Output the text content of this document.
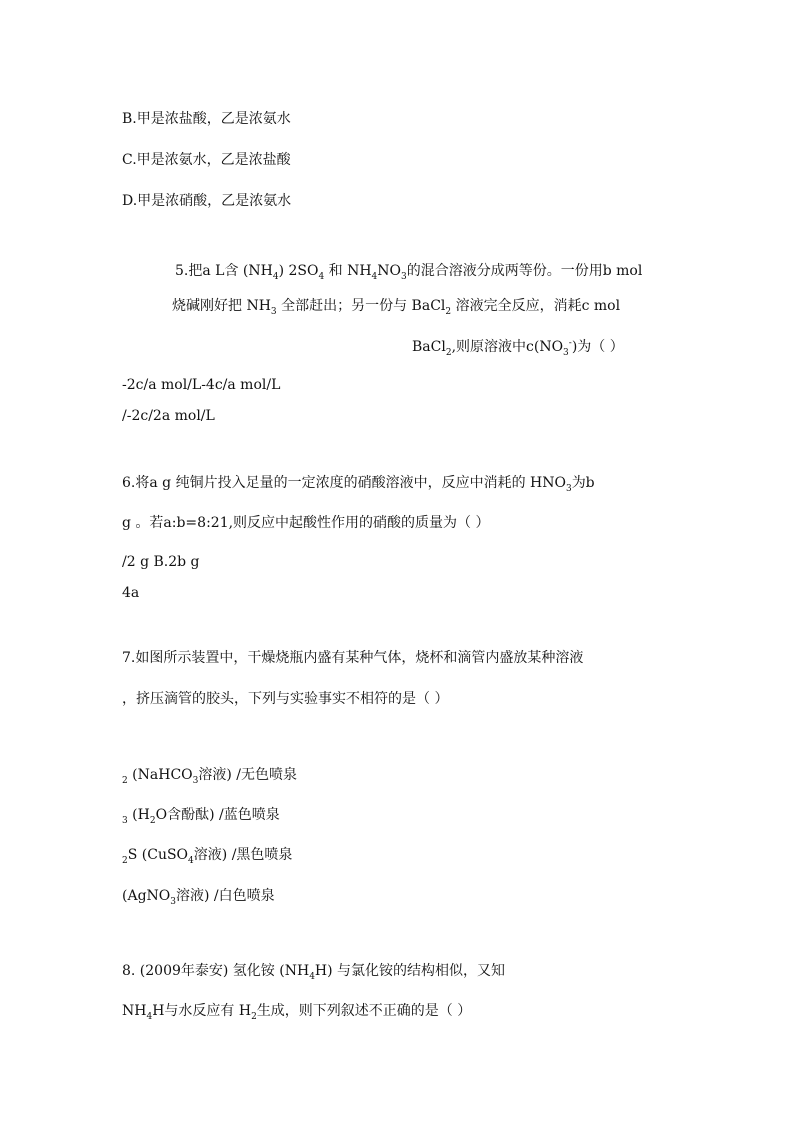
B.甲是浓盐酸，乙是浓氨水
C.甲是浓氨水，乙是浓盐酸
D.甲是浓硝酸，乙是浓氨水
5.把a L含 $(NH_4)$ $2SO_4$ 和 $NH_4NO_3$的混合溶液分成两等份。一份用b mol
烧碱刚好把 $NH_3$ 全部赶出；另一份与 BaCl$_2$ 溶液完全反应，消耗c mol
BaCl$_2$,则原溶液中$c(NO_3^-)$为（ ）
-2c/a mol/L-4c/a mol/L
/-2c/2a mol/L
6.将a g 纯铜片投入足量的一定浓度的硝酸溶液中，反应中消耗的 $HNO_3$为b
g 。若a:b=8:21,则反应中起酸性作用的硝酸的质量为（ ）
/2 g B.2b g
4a
7.如图所示装置中，干燥烧瓶内盛有某种气体，烧杯和滴管内盛放某种溶液
，挤压滴管的胶头，下列与实验事实不相符的是（ ）
$_2$ (NaHCO$_3$溶液) /无色喷泉
$_3$ ($H_2O$含酚酞) /蓝色喷泉
$_2$S (CuSO$_4$溶液) /黑色喷泉
(AgNO$_3$溶液) /白色喷泉
8. (2009年泰安) 氢化铵 $(NH_4H)$ 与氯化铵的结构相似，又知
$NH_4H$与水反应有 $H_2$生成，则下列叙述不正确的是（ ）
